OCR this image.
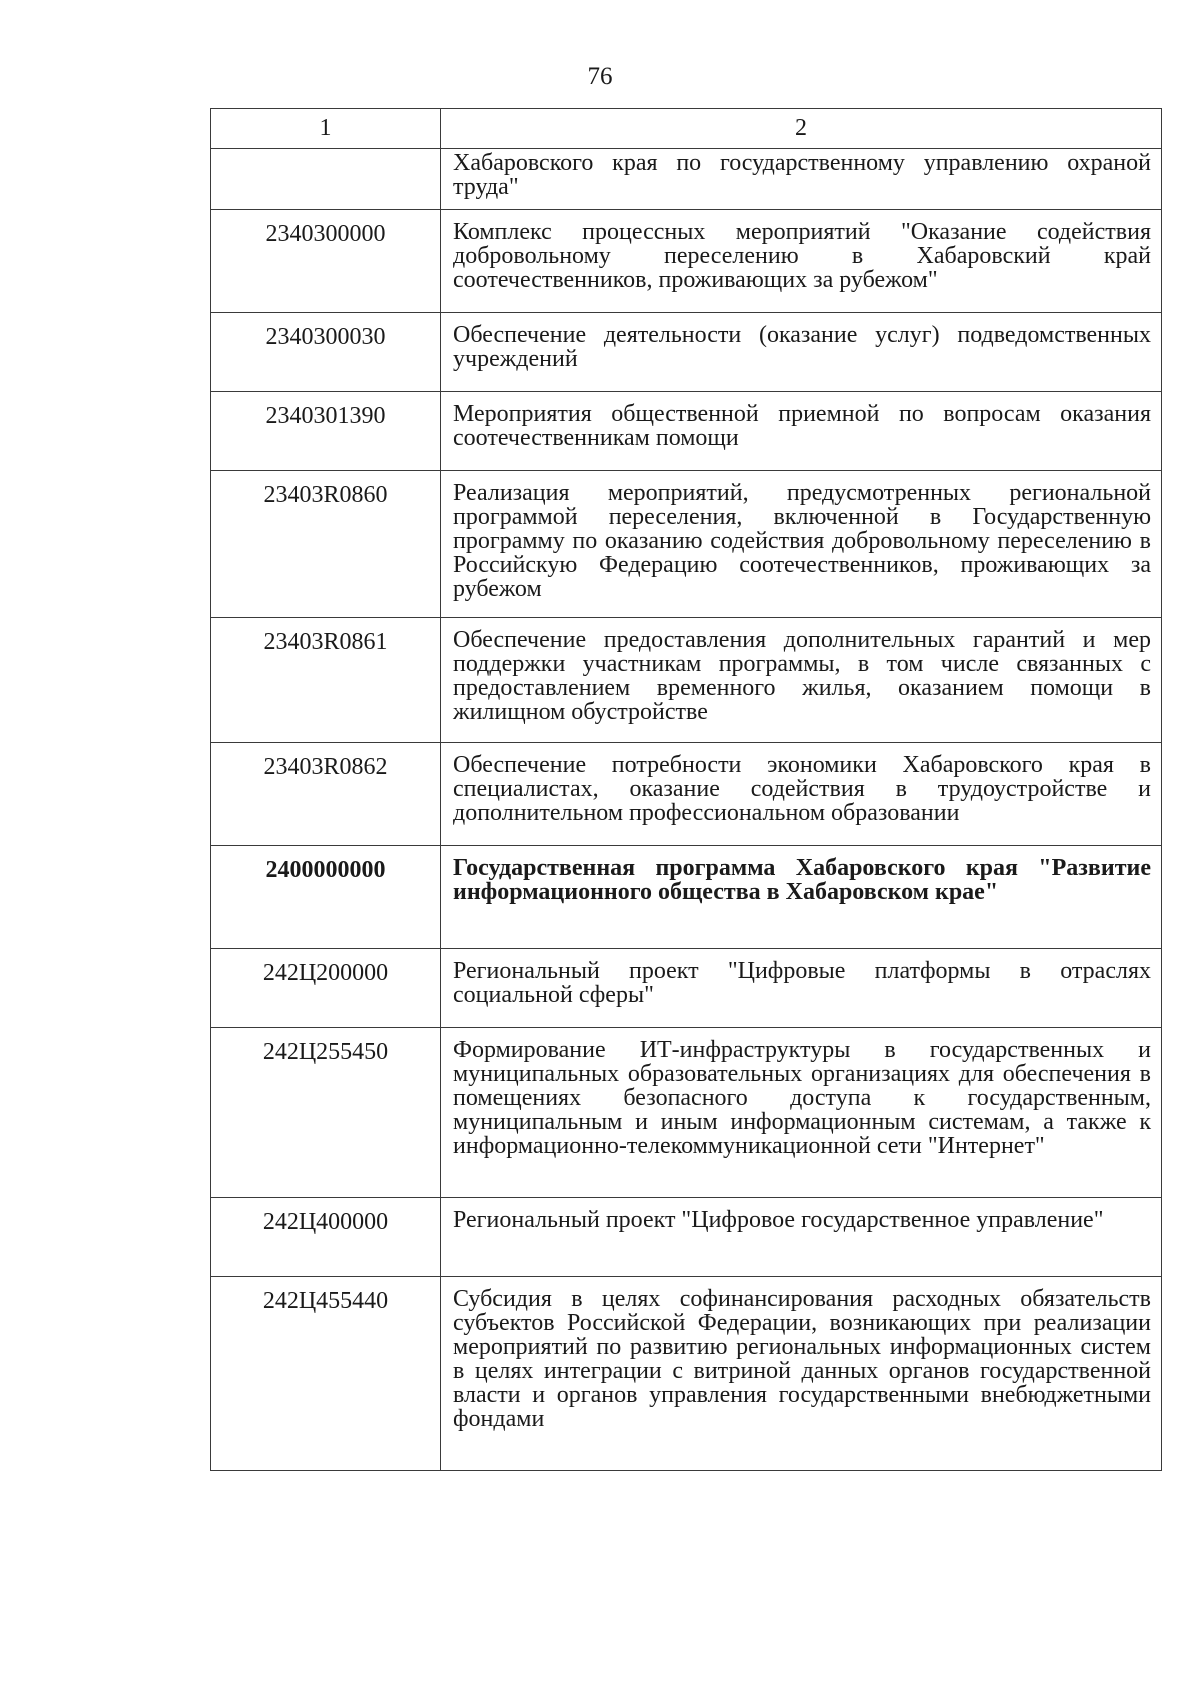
76
1	2
	Хабаровского края по государственному управлению охраной труда"
2340300000	Комплекс процессных мероприятий "Оказание содействия добровольному переселению в Хабаровский край соотечественников, проживающих за рубежом"
2340300030	Обеспечение деятельности (оказание услуг) подведомственных учреждений
2340301390	Мероприятия общественной приемной по вопросам оказания соотечественникам помощи
23403R0860	Реализация мероприятий, предусмотренных региональной программой переселения, включенной в Государственную программу по оказанию содействия добровольному переселению в Российскую Федерацию соотечественников, проживающих за рубежом
23403R0861	Обеспечение предоставления дополнительных гарантий и мер поддержки участникам программы, в том числе связанных с предоставлением временного жилья, оказанием помощи в жилищном обустройстве
23403R0862	Обеспечение потребности экономики Хабаровского края в специалистах, оказание содействия в трудоустройстве и дополнительном профессиональном образовании
2400000000	Государственная программа Хабаровского края "Развитие информационного общества в Хабаровском крае"
242Ц200000	Региональный проект "Цифровые платформы в отраслях социальной сферы"
242Ц255450	Формирование ИТ-инфраструктуры в государственных и муниципальных образовательных организациях для обеспечения в помещениях безопасного доступа к государственным, муниципальным и иным информационным системам, а также к информационно-телекоммуникационной сети "Интернет"
242Ц400000	Региональный проект "Цифровое государственное управление"
242Ц455440	Субсидия в целях софинансирования расходных обязательств субъектов Российской Федерации, возникающих при реализации мероприятий по развитию региональных информационных систем в целях интеграции с витриной данных органов государственной власти и органов управления государственными внебюджетными фондами
